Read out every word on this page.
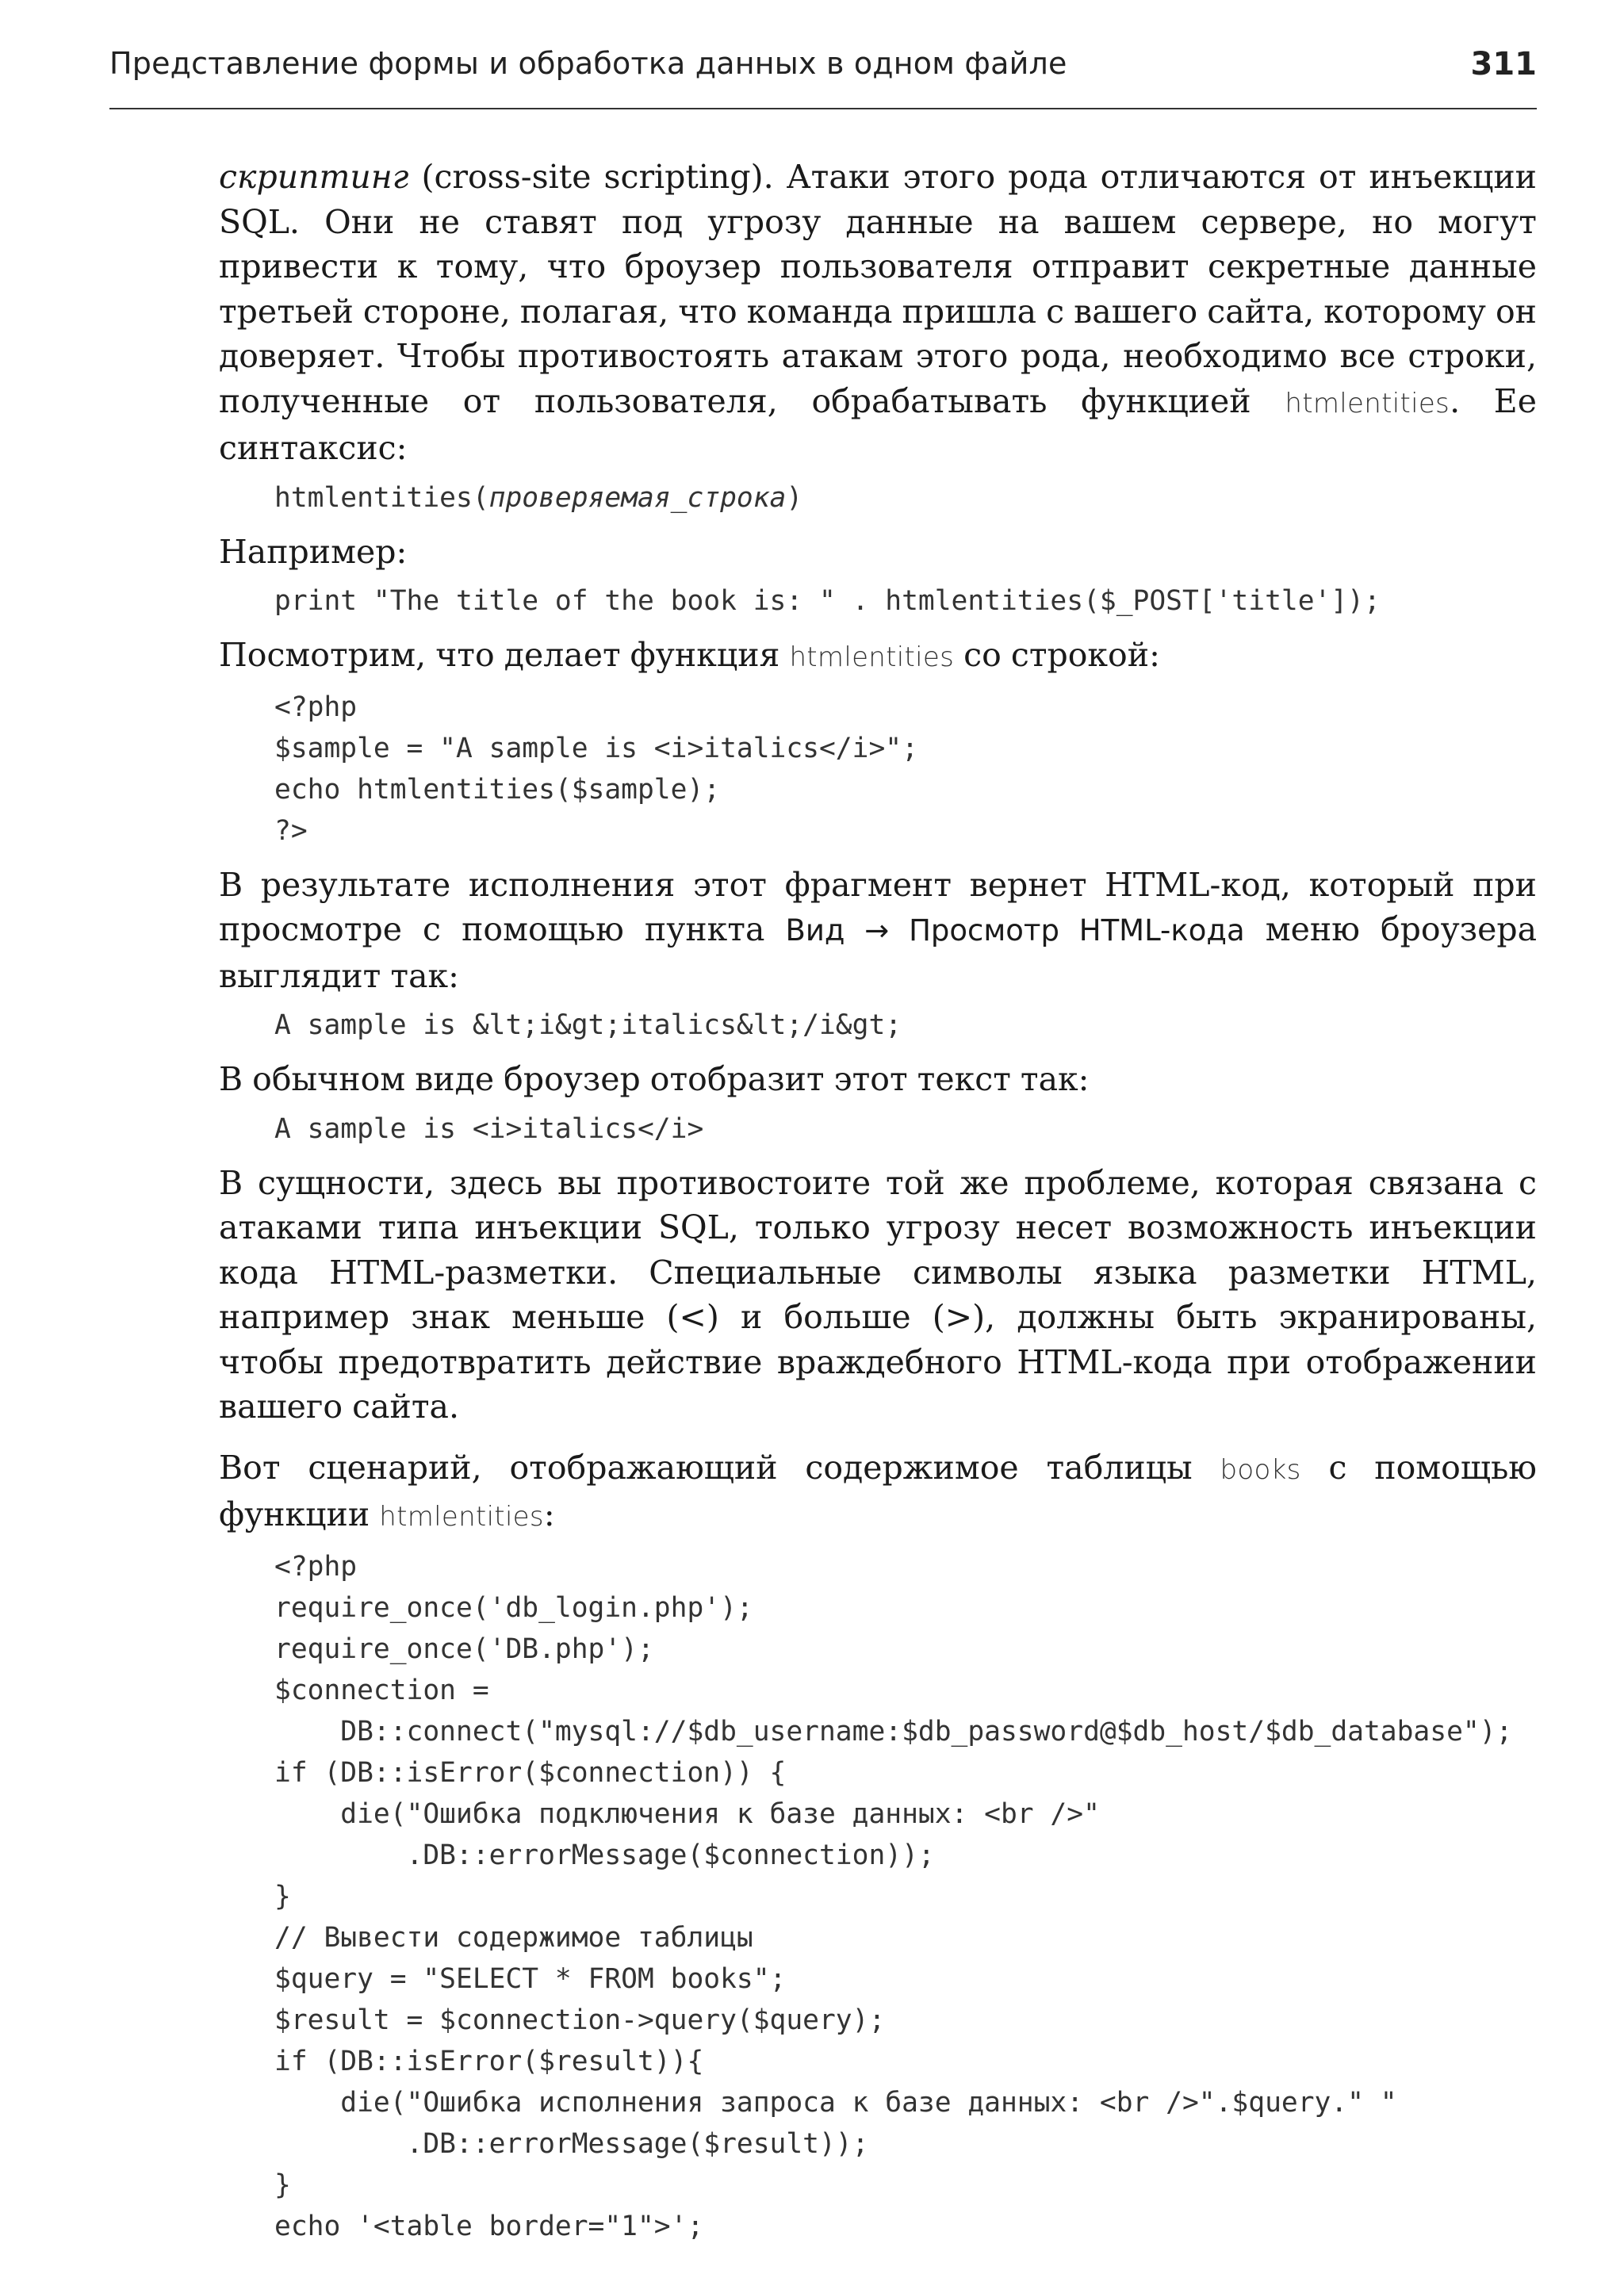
Представление формы и обработка данных в одном файле	311

скриптинг (cross-site scripting). Атаки этого рода отличаются от инъекции SQL. Они не ставят под угрозу данные на вашем сервере, но могут привести к тому, что броузер пользователя отправит секретные данные третьей стороне, полагая, что команда пришла с вашего сайта, которому он доверяет. Чтобы противостоять атакам этого рода, необходимо все строки, полученные от пользователя, обрабатывать функцией htmlentities. Ее синтаксис:

htmlentities(проверяемая_строка)

Например:

print "The title of the book is: " . htmlentities($_POST['title']);

Посмотрим, что делает функция htmlentities со строкой:

<?php
$sample = "A sample is <i>italics</i>";
echo htmlentities($sample);
?>

В результате исполнения этот фрагмент вернет HTML-код, который при просмотре с помощью пункта Вид → Просмотр HTML-кода меню броузера выглядит так:

A sample is &lt;i&gt;italics&lt;/i&gt;

В обычном виде броузер отобразит этот текст так:

A sample is <i>italics</i>

В сущности, здесь вы противостоите той же проблеме, которая связана с атаками типа инъекции SQL, только угрозу несет возможность инъекции кода HTML-разметки. Специальные символы языка разметки HTML, например знак меньше (<) и больше (>), должны быть экранированы, чтобы предотвратить действие враждебного HTML-кода при отображении вашего сайта.

Вот сценарий, отображающий содержимое таблицы books с помощью функции htmlentities:

<?php
require_once('db_login.php');
require_once('DB.php');
$connection =
DB::connect("mysql://$db_username:$db_password@$db_host/$db_database");
if (DB::isError($connection)) {
die("Ошибка подключения к базе данных: <br />"
.DB::errorMessage($connection));
}
// Вывести содержимое таблицы
$query = "SELECT * FROM books";
$result = $connection->query($query);
if (DB::isError($result)){
die("Ошибка исполнения запроса к базе данных: <br />".$query." "
.DB::errorMessage($result));
}
echo '<table border="1">';
